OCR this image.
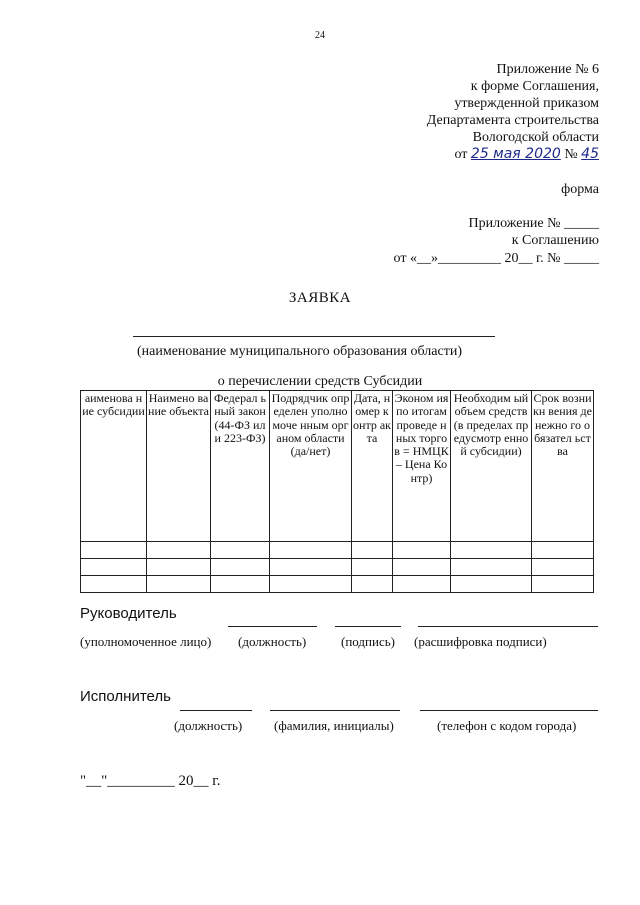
24
Приложение № 6
к форме Соглашения,
утвержденной приказом
Департамента строительства
Вологодской области
от 25 мая 2020 № 45
форма
Приложение № _____
к Соглашению
от «__»_________ 20__ г. № _____
ЗАЯВКА
(наименование муниципального образования области)
о перечислении средств Субсидии
аименова ние субсидии	Наимено вание объекта	Федерал ьный закон (44-ФЗ или 223-ФЗ)	Подрядчик определен уполномоче нным органом области (да/нет)	Дата, номер контр акта	Эконом ия по итогам проведе нных торгов = НМЦК – Цена Контр)	Необходим ый объем средств (в пределах предусмотр енной субсидии)	Срок возникн вения денежно го обязател ьства

Руководитель
(уполномоченное лицо) (должность)	(подпись) (расшифровка подписи)
Исполнитель
(должность) (фамилия, инициалы)	(телефон с кодом города)
"__"_________ 20__ г.
